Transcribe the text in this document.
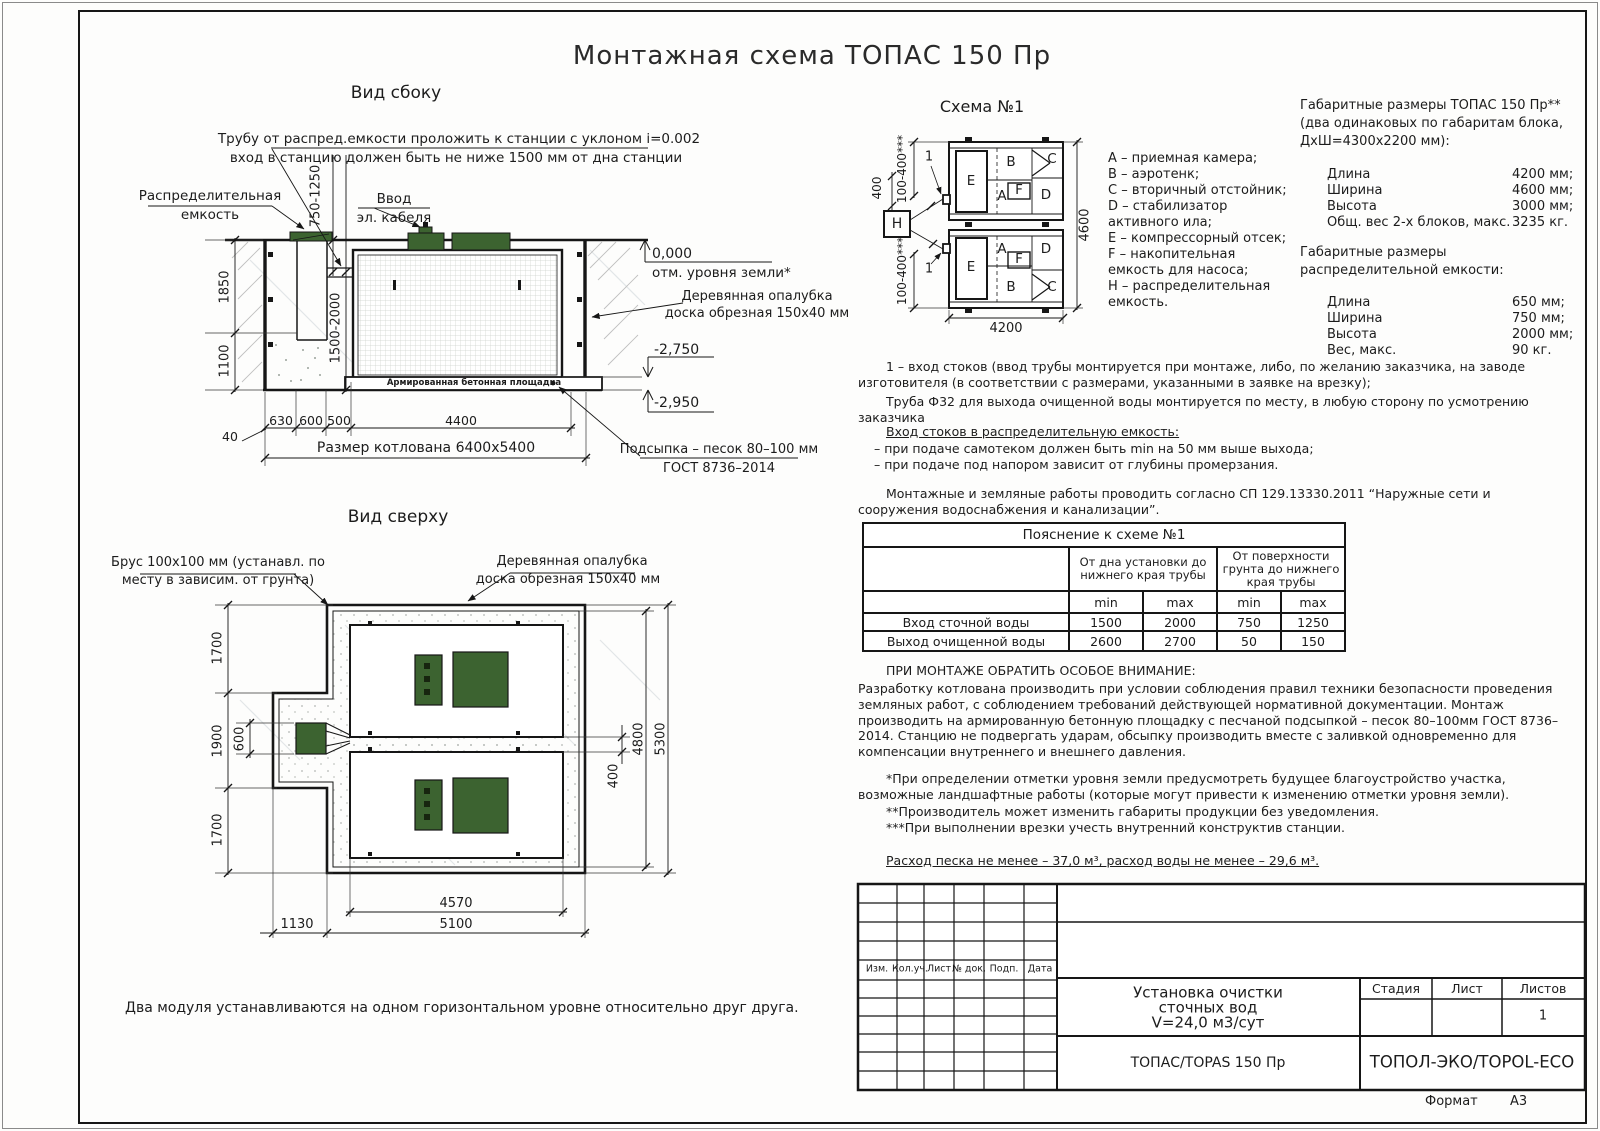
Монтажная схема ТОПАС 150 Пр
Вид сбоку
Трубу от распред.емкости проложить к станции с уклоном i=0.002
вход в станцию должен быть не ниже 1500 мм от дна станции
Распределительная
емкость
Ввод
эл. кабеля
750-1250
1850
1100	1500-2000
0,000
отм. уровня земли*
Деревянная опалубка
доска обрезная 150х40 мм
-2,750
-2,950
Армированная бетонная площадка
Подсыпка – песок 80–100 мм
ГОСТ 8736–2014
630 600 500	4400
40
Размер котлована 6400х5400
Вид сверху
Брус 100х100 мм (устанавл. по
месту в зависим. от грунта)
Деревянная опалубка
доска обрезная 150х40 мм
1700
1900 600
1700
400
4800 5300
4570
5100
1130
Два модуля устанавливаются на одном горизонтальном уровне относительно друг друга.
Схема №1
400 100-400***
100-400***
1
1
Н
Е
В С
А F D
Е
А
F
D
В С
4200
4600
А – приемная камера;
В – аэротенк;
С – вторичный отстойник;
D – стабилизатор активного ила;
Е – компрессорный отсек;
F – накопительная емкость для насоса;
Н – распределительная емкость.
Габаритные размеры ТОПАС 150 Пр**
(два одинаковых по габаритам блока,
ДхШ=4300х2200 мм):
Длина	4200 мм;
Ширина	4600 мм;
Высота	3000 мм;
Общ. вес 2-х блоков, макс. 3235 кг.
Габаритные размеры
распределительной емкости:
Длина	650 мм;
Ширина	750 мм;
Высота	2000 мм;
Вес, макс.	90 кг.
1 – вход стоков (ввод трубы монтируется при монтаже, либо, по желанию заказчика, на заводе изготовителя (в соответствии с размерами, указанными в заявке на врезку);
Труба Ф32 для выхода очищенной воды монтируется по месту, в любую сторону по усмотрению заказчика
Вход стоков в распределительную емкость:
– при подаче самотеком должен быть min на 50 мм выше выхода;
– при подаче под напором зависит от глубины промерзания.
Монтажные и земляные работы проводить согласно СП 129.13330.2011 “Наружные сети и сооружения водоснабжения и канализации”.
ПРИ МОНТАЖЕ ОБРАТИТЬ ОСОБОЕ ВНИМАНИЕ:
Разработку котлована производить при условии соблюдения правил техники безопасности проведения земляных работ, с соблюдением требований действующей нормативной документации. Монтаж производить на армированную бетонную площадку с песчаной подсыпкой – песок 80–100мм ГОСТ 8736–2014. Станцию не подвергать ударам, обсыпку производить вместе с заливкой одновременно для компенсации внутреннего и внешнего давления.
*При определении отметки уровня земли предусмотреть будущее благоустройство участка, возможные ландшафтные работы (которые могут привести к изменению отметки уровня земли).
**Производитель может изменить габариты продукции без уведомления.
***При выполнении врезки учесть внутренний конструктив станции.
Расход песка не менее – 37,0 м³, расход воды не менее – 29,6 м³.
Пояснение к схеме №1
От дна установки до нижнего края трубы
От поверхности грунта до нижнего края трубы
min	max	min	max
Вход сточной воды	1500	2000	750	1250
Выход очищенной воды	2600	2700	50	150
Изм. Кол.уч. Лист № док. Подп. Дата
Установка очистки
сточных вод
V=24,0 м3/сут
Стадия Лист	Листов
1
ТОПАС/TOPAS 150 Пр	ТОПОЛ-ЭКО/TOPOL-ECO
Формат А3
